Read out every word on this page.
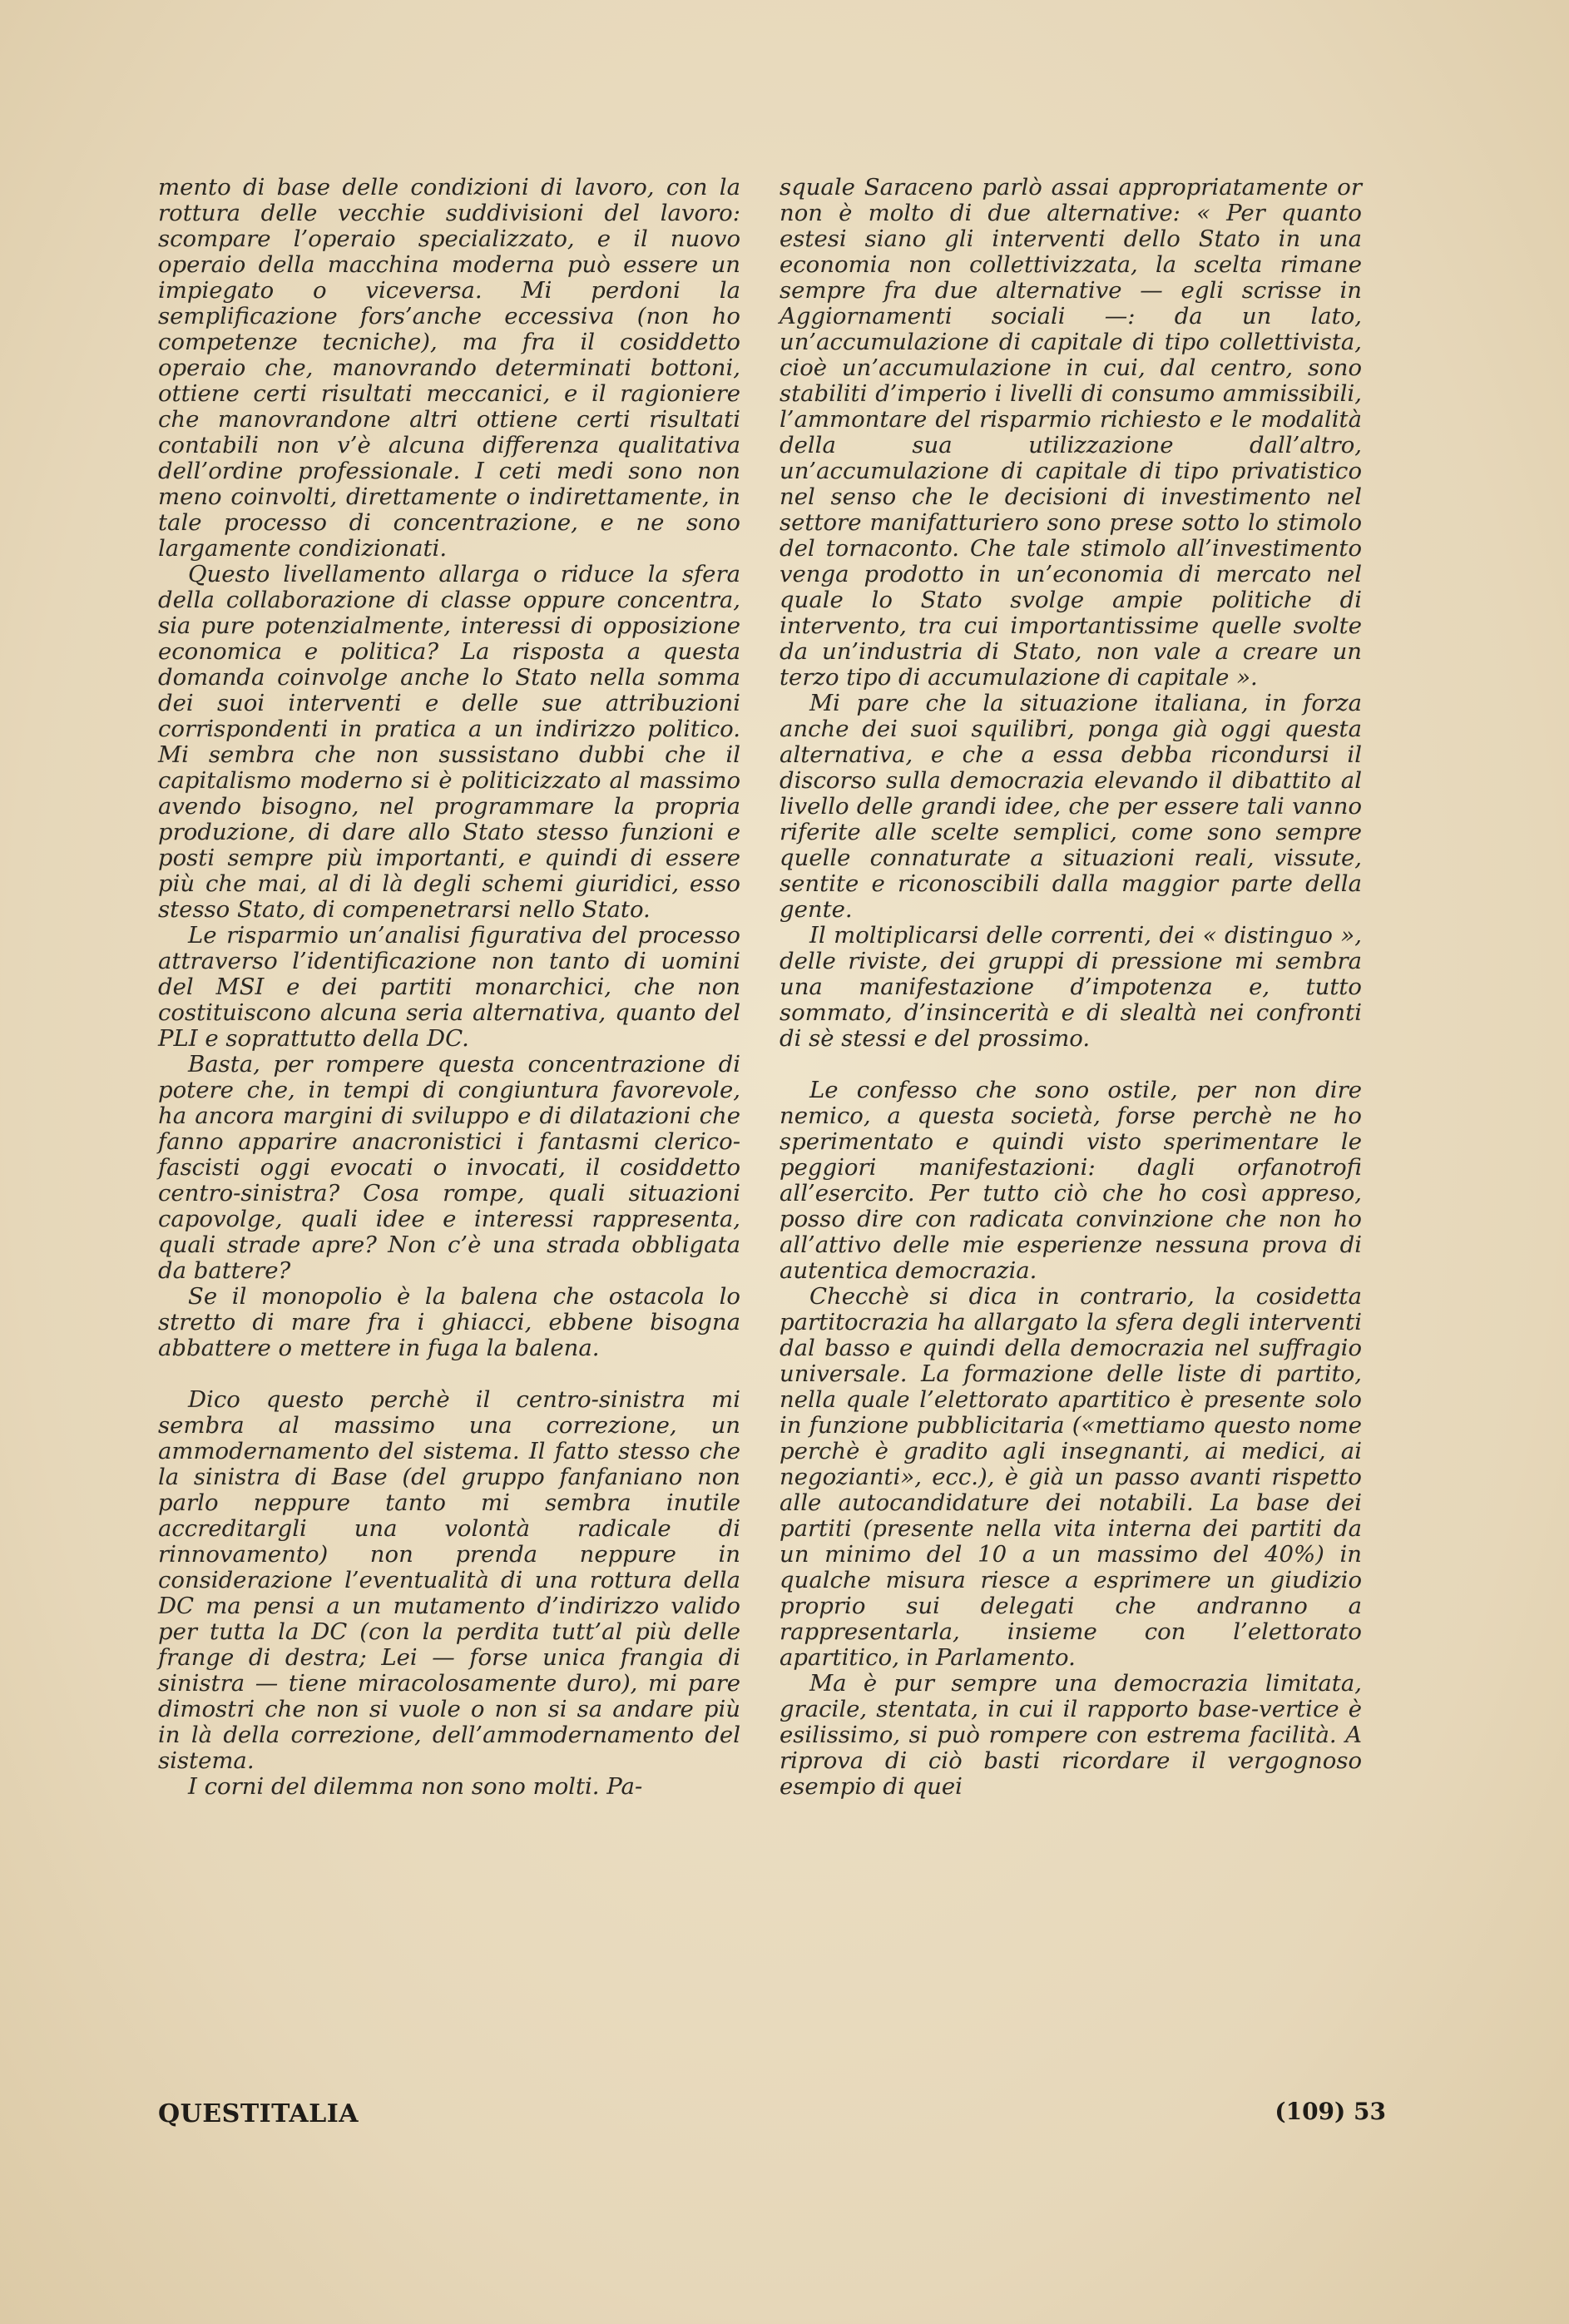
mento di base delle condizioni di lavoro, con la rottura delle vecchie suddivisioni del lavoro: scompare l’operaio specializzato, e il nuovo operaio della macchina moderna può essere un impiegato o viceversa. Mi perdoni la semplificazione fors’anche eccessiva (non ho competenze tecniche), ma fra il cosiddetto operaio che, manovrando determinati bottoni, ottiene certi risultati meccanici, e il ragioniere che manovrandone altri ottiene certi risultati contabili non v’è alcuna differenza qualitativa dell’ordine professionale. I ceti medi sono non meno coinvolti, direttamente o indirettamente, in tale processo di concentrazione, e ne sono largamente condizionati.

Questo livellamento allarga o riduce la sfera della collaborazione di classe oppure concentra, sia pure potenzialmente, interessi di opposizione economica e politica? La risposta a questa domanda coinvolge anche lo Stato nella somma dei suoi interventi e delle sue attribuzioni corrispondenti in pratica a un indirizzo politico. Mi sembra che non sussistano dubbi che il capitalismo moderno si è politicizzato al massimo avendo bisogno, nel programmare la propria produzione, di dare allo Stato stesso funzioni e posti sempre più importanti, e quindi di essere più che mai, al di là degli schemi giuridici, esso stesso Stato, di compenetrarsi nello Stato.

Le risparmio un’analisi figurativa del processo attraverso l’identificazione non tanto di uomini del MSI e dei partiti monarchici, che non costituiscono alcuna seria alternativa, quanto del PLI e soprattutto della DC.

Basta, per rompere questa concentrazione di potere che, in tempi di congiuntura favorevole, ha ancora margini di sviluppo e di dilatazioni che fanno apparire anacronistici i fantasmi clerico-fascisti oggi evocati o invocati, il cosiddetto centro-sinistra? Cosa rompe, quali situazioni capovolge, quali idee e interessi rappresenta, quali strade apre? Non c’è una strada obbligata da battere?

Se il monopolio è la balena che ostacola lo stretto di mare fra i ghiacci, ebbene bisogna abbattere o mettere in fuga la balena.

Dico questo perchè il centro-sinistra mi sembra al massimo una correzione, un ammodernamento del sistema. Il fatto stesso che la sinistra di Base (del gruppo fanfaniano non parlo neppure tanto mi sembra inutile accreditargli una volontà radicale di rinnovamento) non prenda neppure in considerazione l’eventualità di una rottura della DC ma pensi a un mutamento d’indirizzo valido per tutta la DC (con la perdita tutt’al più delle frange di destra; Lei — forse unica frangia di sinistra — tiene miracolosamente duro), mi pare dimostri che non si vuole o non si sa andare più in là della correzione, dell’ammodernamento del sistema.

I corni del dilemma non sono molti. Pa-

squale Saraceno parlò assai appropriatamente or non è molto di due alternative: « Per quanto estesi siano gli interventi dello Stato in una economia non collettivizzata, la scelta rimane sempre fra due alternative — egli scrisse in Aggiornamenti sociali —: da un lato, un’accumulazione di capitale di tipo collettivista, cioè un’accumulazione in cui, dal centro, sono stabiliti d’imperio i livelli di consumo ammissibili, l’ammontare del risparmio richiesto e le modalità della sua utilizzazione dall’altro, un’accumulazione di capitale di tipo privatistico nel senso che le decisioni di investimento nel settore manifatturiero sono prese sotto lo stimolo del tornaconto. Che tale stimolo all’investimento venga prodotto in un’economia di mercato nel quale lo Stato svolge ampie politiche di intervento, tra cui importantissime quelle svolte da un’industria di Stato, non vale a creare un terzo tipo di accumulazione di capitale ».

Mi pare che la situazione italiana, in forza anche dei suoi squilibri, ponga già oggi questa alternativa, e che a essa debba ricondursi il discorso sulla democrazia elevando il dibattito al livello delle grandi idee, che per essere tali vanno riferite alle scelte semplici, come sono sempre quelle connaturate a situazioni reali, vissute, sentite e riconoscibili dalla maggior parte della gente.

Il moltiplicarsi delle correnti, dei « distinguo », delle riviste, dei gruppi di pressione mi sembra una manifestazione d’impotenza e, tutto sommato, d’insincerità e di slealtà nei confronti di sè stessi e del prossimo.

Le confesso che sono ostile, per non dire nemico, a questa società, forse perchè ne ho sperimentato e quindi visto sperimentare le peggiori manifestazioni: dagli orfanotrofi all’esercito. Per tutto ciò che ho così appreso, posso dire con radicata convinzione che non ho all’attivo delle mie esperienze nessuna prova di autentica democrazia.

Checchè si dica in contrario, la cosidetta partitocrazia ha allargato la sfera degli interventi dal basso e quindi della democrazia nel suffragio universale. La formazione delle liste di partito, nella quale l’elettorato apartitico è presente solo in funzione pubblicitaria («mettiamo questo nome perchè è gradito agli insegnanti, ai medici, ai negozianti», ecc.), è già un passo avanti rispetto alle autocandidature dei notabili. La base dei partiti (presente nella vita interna dei partiti da un minimo del 10 a un massimo del 40%) in qualche misura riesce a esprimere un giudizio proprio sui delegati che andranno a rappresentarla, insieme con l’elettorato apartitico, in Parlamento.

Ma è pur sempre una democrazia limitata, gracile, stentata, in cui il rapporto base-vertice è esilissimo, si può rompere con estrema facilità. A riprova di ciò basti ricordare il vergognoso esempio di quei

QUESTITALIA	(109) 53
